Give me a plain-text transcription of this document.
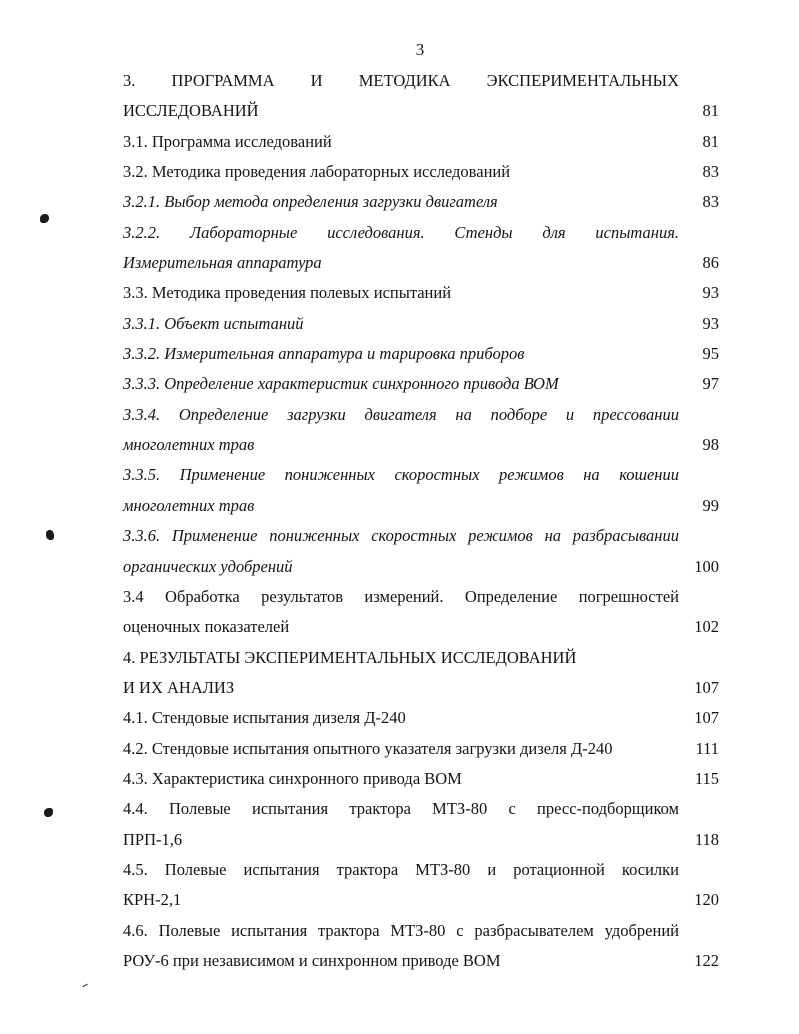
3
3. ПРОГРАММА И МЕТОДИКА ЭКСПЕРИМЕНТАЛЬНЫХ
ИССЛЕДОВАНИЙ	81
3.1. Программа исследований	81
3.2. Методика проведения лабораторных исследований	83
3.2.1. Выбор метода определения загрузки двигателя	83
3.2.2. Лабораторные исследования. Стенды для испытания.
Измерительная аппаратура	86
3.3. Методика проведения полевых испытаний	93
3.3.1. Объект испытаний	93
3.3.2. Измерительная аппаратура и тарировка приборов	95
3.3.3. Определение характеристик синхронного привода ВОМ	97
3.3.4. Определение загрузки двигателя на подборе и прессовании
многолетних трав	98
3.3.5. Применение пониженных скоростных режимов на кошении
многолетних трав	99
3.3.6. Применение пониженных скоростных режимов на разбрасывании
органических удобрений	100
3.4 Обработка результатов измерений. Определение погрешностей
оценочных показателей	102
4. РЕЗУЛЬТАТЫ ЭКСПЕРИМЕНТАЛЬНЫХ ИССЛЕДОВАНИЙ
И ИХ АНАЛИЗ	107
4.1. Стендовые испытания дизеля Д-240	107
4.2. Стендовые испытания опытного указателя загрузки дизеля Д-240	111
4.3. Характеристика синхронного привода ВОМ	115
4.4. Полевые испытания трактора МТЗ-80 с пресс-подборщиком
ПРП-1,6	118
4.5. Полевые испытания трактора МТЗ-80 и ротационной косилки
КРН-2,1	120
4.6. Полевые испытания трактора МТЗ-80 с разбрасывателем удобрений
РОУ-6 при независимом и синхронном приводе ВОМ	122
